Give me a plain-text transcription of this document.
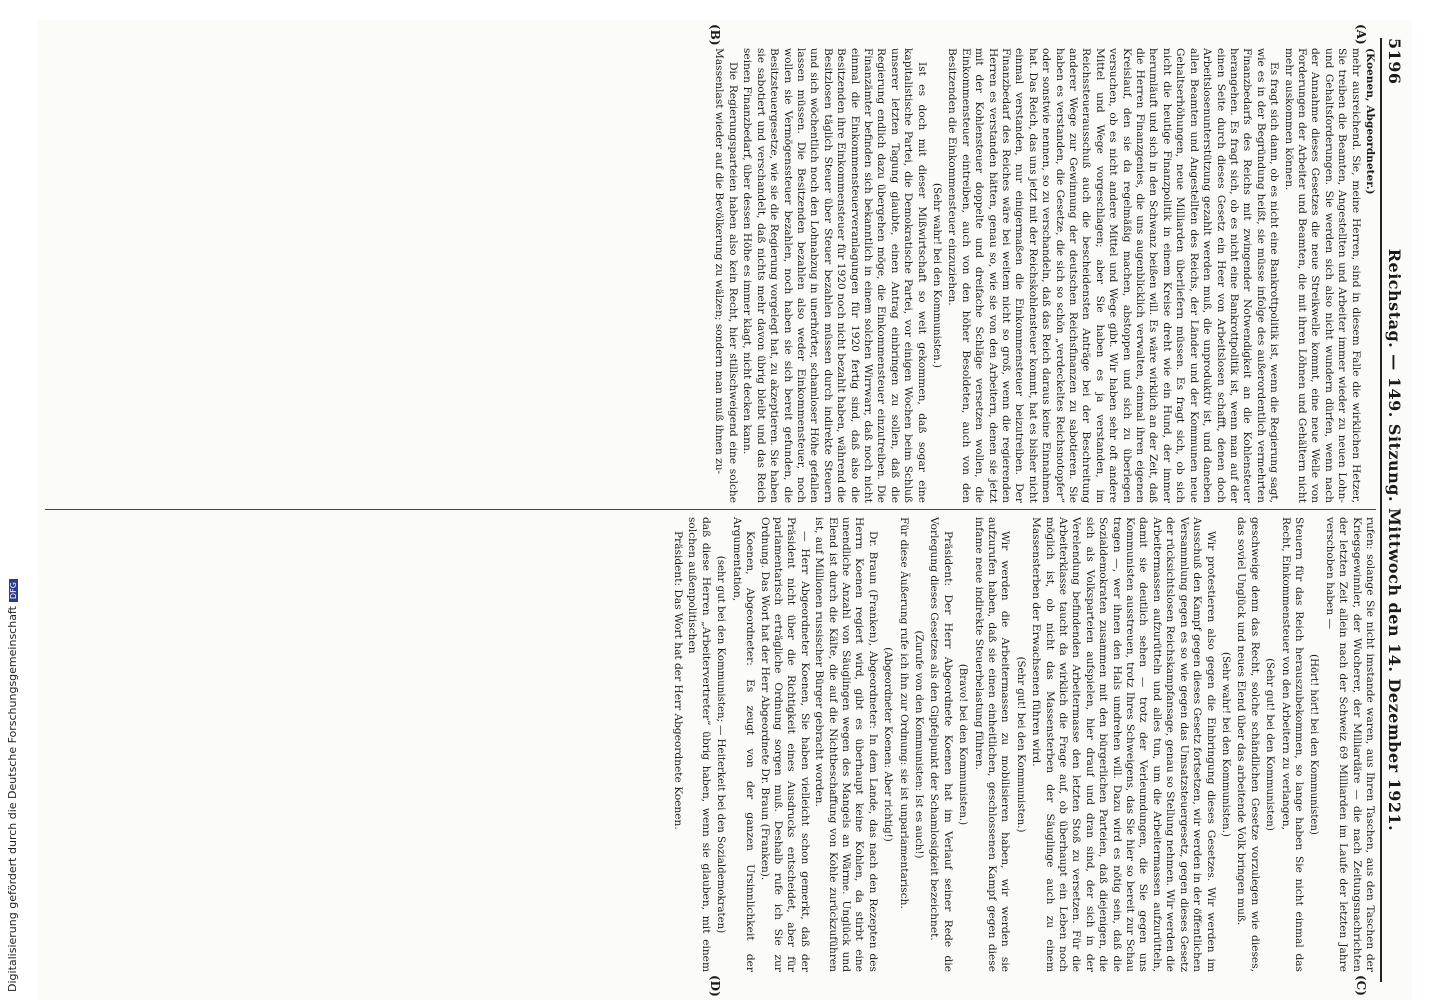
5196
Reichstag. — 149. Sitzung. Mittwoch den 14. Dezember 1921.
(A)
(B)
(C)
(D)

(Koenen, Abgeordneter.)

mehr ausreichend. Sie, meine Herren, sind in diesem Falle die wirklichen Hetzer, Sie treiben die Beamten, Angestellten und Arbeiter immer wieder zu neuen Lohn- und Gehaltsforderungen. Sie werden sich also nicht wundern dürfen, wenn nach der Annahme dieses Gesetzes die neue Streikwelle kommt, eine neue Welle von Forderungen der Arbeiter und Beamten, die mit ihren Löhnen und Gehältern nicht mehr auskommen können.

Es fragt sich dann, ob es nicht eine Bankrottpolitik ist, wenn die Regierung sagt, wie es in der Begründung heißt, sie müsse infolge des außerordentlich vermehrten Finanzbedarfs des Reichs mit zwingender Notwendigkeit an die Kohlensteuer herangehen. Es fragt sich, ob es nicht eine Bankrottpolitik ist, wenn man auf der einen Seite durch dieses Gesetz ein Heer von Arbeitslosen schafft, denen doch Arbeitslosenunterstützung gezahlt werden muß, die unproduktiv ist, und daneben allen Beamten und Angestellten des Reichs, der Länder und der Kommunen neue Gehaltserhöhungen, neue Milliarden überliefern müssen. Es fragt sich, ob sich nicht die heutige Finanzpolitik in einem Kreise dreht wie ein Hund, der immer herumläuft und sich in den Schwanz beißen will. Es wäre wirklich an der Zeit, daß die Herren Finanzgenies, die uns augenblicklich verwalten, einmal ihren eigenen Kreislauf, den sie da regelmäßig machen, abstoppen und sich zu überlegen versuchen, ob es nicht andere Mittel und Wege gibt. Wir haben sehr oft andere Mittel und Wege vorgeschlagen; aber Sie haben es ja verstanden, im Reichssteuerausschuß auch die bescheidensten Anträge bei der Beschreitung anderer Wege zur Gewinnung der deutschen Reichsfinanzen zu sabotieren. Sie haben es verstanden, die Gesetze, die sich so schön „verdeckeltes Reichsnotopfer“ oder sonstwie nennen, so zu verschandeln, daß das Reich daraus keine Einnahmen hat. Das Reich, das uns jetzt mit der Reichskohlensteuer kommt, hat es bisher nicht einmal verstanden, nur einigermaßen die Einkommensteuer beizutreiben. Der Finanzbedarf des Reiches wäre bei weitem nicht so groß, wenn die regierenden Herren es verstanden hätten, genau so, wie sie von den Arbeitern, denen sie jetzt mit der Kohlensteuer doppelte und dreifache Schläge versetzen wollen, die Einkommensteuer eintreiben, auch von den höher Besoldeten, auch von den Besitzenden die Einkommensteuer einzuziehen.

(Sehr wahr! bei den Kommunisten.)

Ist es doch mit dieser Mißwirtschaft so weit gekommen, daß sogar eine kapitalistische Partei, die Demokratische Partei, vor einigen Wochen beim Schluß unserer letzten Tagung glaubte, einen Antrag einbringen zu sollen, daß die Regierung endlich dazu übergehen möge, die Einkommensteuer einzutreiben. Die Finanzämter befinden sich bekanntlich in einem solchen Wirrwarr, daß noch nicht einmal die Einkommensteuerveranlagungen für 1920 fertig sind, daß also die Besitzenden ihre Einkommensteuer für 1920 noch nicht bezahlt haben, während die Besitzlosen täglich Steuer über Steuer bezahlen müssen durch indirekte Steuern und sich wöchentlich noch den Lohnabzug in unerhörter, schamloser Höhe gefallen lassen müssen. Die Besitzenden bezahlen also weder Einkommensteuer, noch wollen sie Vermögenssteuer bezahlen, noch haben sie sich bereit gefunden, die Besitzsteuergesetze, wie sie die Regierung vorgelegt hat, zu akzeptieren. Sie haben sie sabotiert und verschandelt, daß nichts mehr davon übrig bleibt und das Reich seinen Finanzbedarf, über dessen Höhe es immer klagt, nicht decken kann.

Die Regierungsparteien haben also kein Recht, hier stillschweigend eine solche Massenlast wieder auf die Bevölkerung zu wälzen; sondern man muß ihnen zu-

rufen: solange Sie nicht imstande waren, aus Ihren Taschen, aus den Taschen der Kriegsgewinnler, der Wucherer, der Milliardäre — die nach Zeitungsnachrichten der letzten Zeit allein nach der Schweiz 69 Milliarden im Laufe der letzten Jahre verschoben haben —

(Hört! hört! bei den Kommunisten)

Steuern für das Reich herauszubekommen, so lange haben Sie nicht einmal das Recht, Einkommensteuer von den Arbeitern zu verlangen,

(Sehr gut! bei den Kommunisten)

geschweige denn das Recht, solche schändlichen Gesetze vorzulegen wie dieses, das soviel Unglück und neues Elend über das arbeitende Volk bringen muß.

(Sehr wahr! bei den Kommunisten.)

Wir protestieren also gegen die Einbringung dieses Gesetzes. Wir werden im Ausschuß den Kampf gegen dieses Gesetz fortsetzen, wir werden in der öffentlichen Versammlung gegen es so wie gegen das Umsatzsteuergesetz, gegen dieses Gesetz der rücksichtslosen Reichskampfansage, genau so Stellung nehmen. Wir werden die Arbeitermassen aufzurütteln und alles tun, um die Arbeitermassen aufzurütteln, damit sie deutlich sehen — trotz der Verleumdungen, die Sie gegen uns Kommunisten ausstreuen, trotz Ihres Schweigens, das Sie hier so bereit zur Schau tragen —, wer ihnen den Hals umdrehen will. Dazu wird es nötig sein, daß die Sozialdemokraten zusammen mit den bürgerlichen Parteien, daß diejenigen, die sich als Volksparteien aufspielen, hier drauf und dran sind, der sich in der Verelendung befindenden Arbeitermasse den letzten Stoß zu versetzen. Für die Arbeiterklasse taucht da wirklich die Frage auf, ob überhaupt ein Leben noch möglich ist, ob nicht das Massensterben der Säuglinge auch zu einem Massensterben der Erwachsenen führen wird.

(Sehr gut! bei den Kommunisten.)

Wir werden die Arbeitermassen zu mobilisieren haben, wir werden sie aufzurufen haben, daß sie einen einheitlichen, geschlossenen Kampf gegen diese infame neue indirekte Steuerbelastung führen.

(Bravo! bei den Kommunisten.)

Präsident: Der Herr Abgeordnete Koenen hat im Verlauf seiner Rede die Vorlegung dieses Gesetzes als den Gipfelpunkt der Schamlosigkeit bezeichnet.

(Zurufe von den Kommunisten: Ist es auch!)

Für diese Äußerung rufe ich ihn zur Ordnung: sie ist unparlamentarisch.

(Abgeordneter Koenen: Aber richtig!)

Dr. Braun (Franken), Abgeordneter: In dem Lande, das nach den Rezepten des Herrn Koenen regiert wird, gibt es überhaupt keine Kohlen, da stirbt eine unendliche Anzahl von Säuglingen wegen des Mangels an Wärme. Unglück und Elend ist durch die Kälte, die auf die Nichtbeschaffung von Kohle zurückzuführen ist, auf Millionen russischer Bürger gebracht worden.

— Herr Abgeordneter Koenen, Sie haben vielleicht schon gemerkt, daß der Präsident nicht über die Richtigkeit eines Ausdrucks entscheidet, aber für parlamentarisch erträgliche Ordnung sorgen muß. Deshalb rufe ich Sie zur Ordnung. Das Wort hat der Herr Abgeordnete Dr. Braun (Franken).

Koenen, Abgeordneter: Es zeugt von der ganzen Ursinnlichkeit der Argumentation,

(sehr gut bei den Kommunisten; — Heiterkeit bei den Sozialdemokraten)

daß diese Herren „Arbeitervertreter“ übrig haben, wenn sie glauben, mit einem solchen außenpolitischen

Präsident: Das Wort hat der Herr Abgeordnete Koenen.

Digitalisierung gefördert durch die Deutsche ForschungsgemeinschaftDFG
